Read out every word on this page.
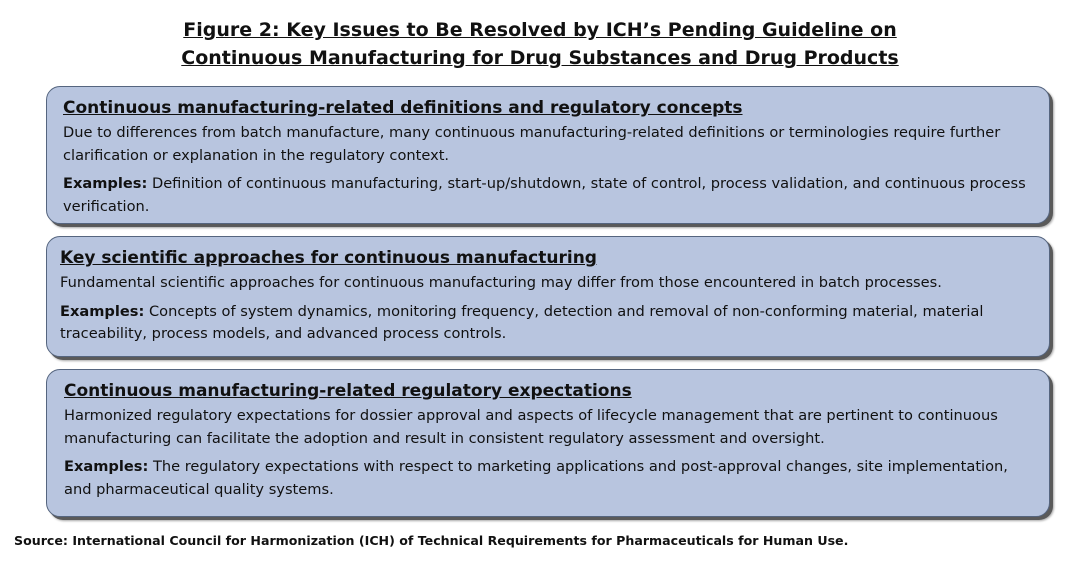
Figure 2: Key Issues to Be Resolved by ICH’s Pending Guideline on
Continuous Manufacturing for Drug Substances and Drug Products
Continuous manufacturing-related definitions and regulatory concepts
Due to differences from batch manufacture, many continuous manufacturing-related definitions or terminologies require further clarification or explanation in the regulatory context.
Examples: Definition of continuous manufacturing, start-up/shutdown, state of control, process validation, and continuous process verification.
Key scientific approaches for continuous manufacturing
Fundamental scientific approaches for continuous manufacturing may differ from those encountered in batch processes.
Examples: Concepts of system dynamics, monitoring frequency, detection and removal of non-conforming material, material traceability, process models, and advanced process controls.
Continuous manufacturing-related regulatory expectations
Harmonized regulatory expectations for dossier approval and aspects of lifecycle management that are pertinent to continuous manufacturing can facilitate the adoption and result in consistent regulatory assessment and oversight.
Examples: The regulatory expectations with respect to marketing applications and post-approval changes, site implementation, and pharmaceutical quality systems.
Source: International Council for Harmonization (ICH) of Technical Requirements for Pharmaceuticals for Human Use.
